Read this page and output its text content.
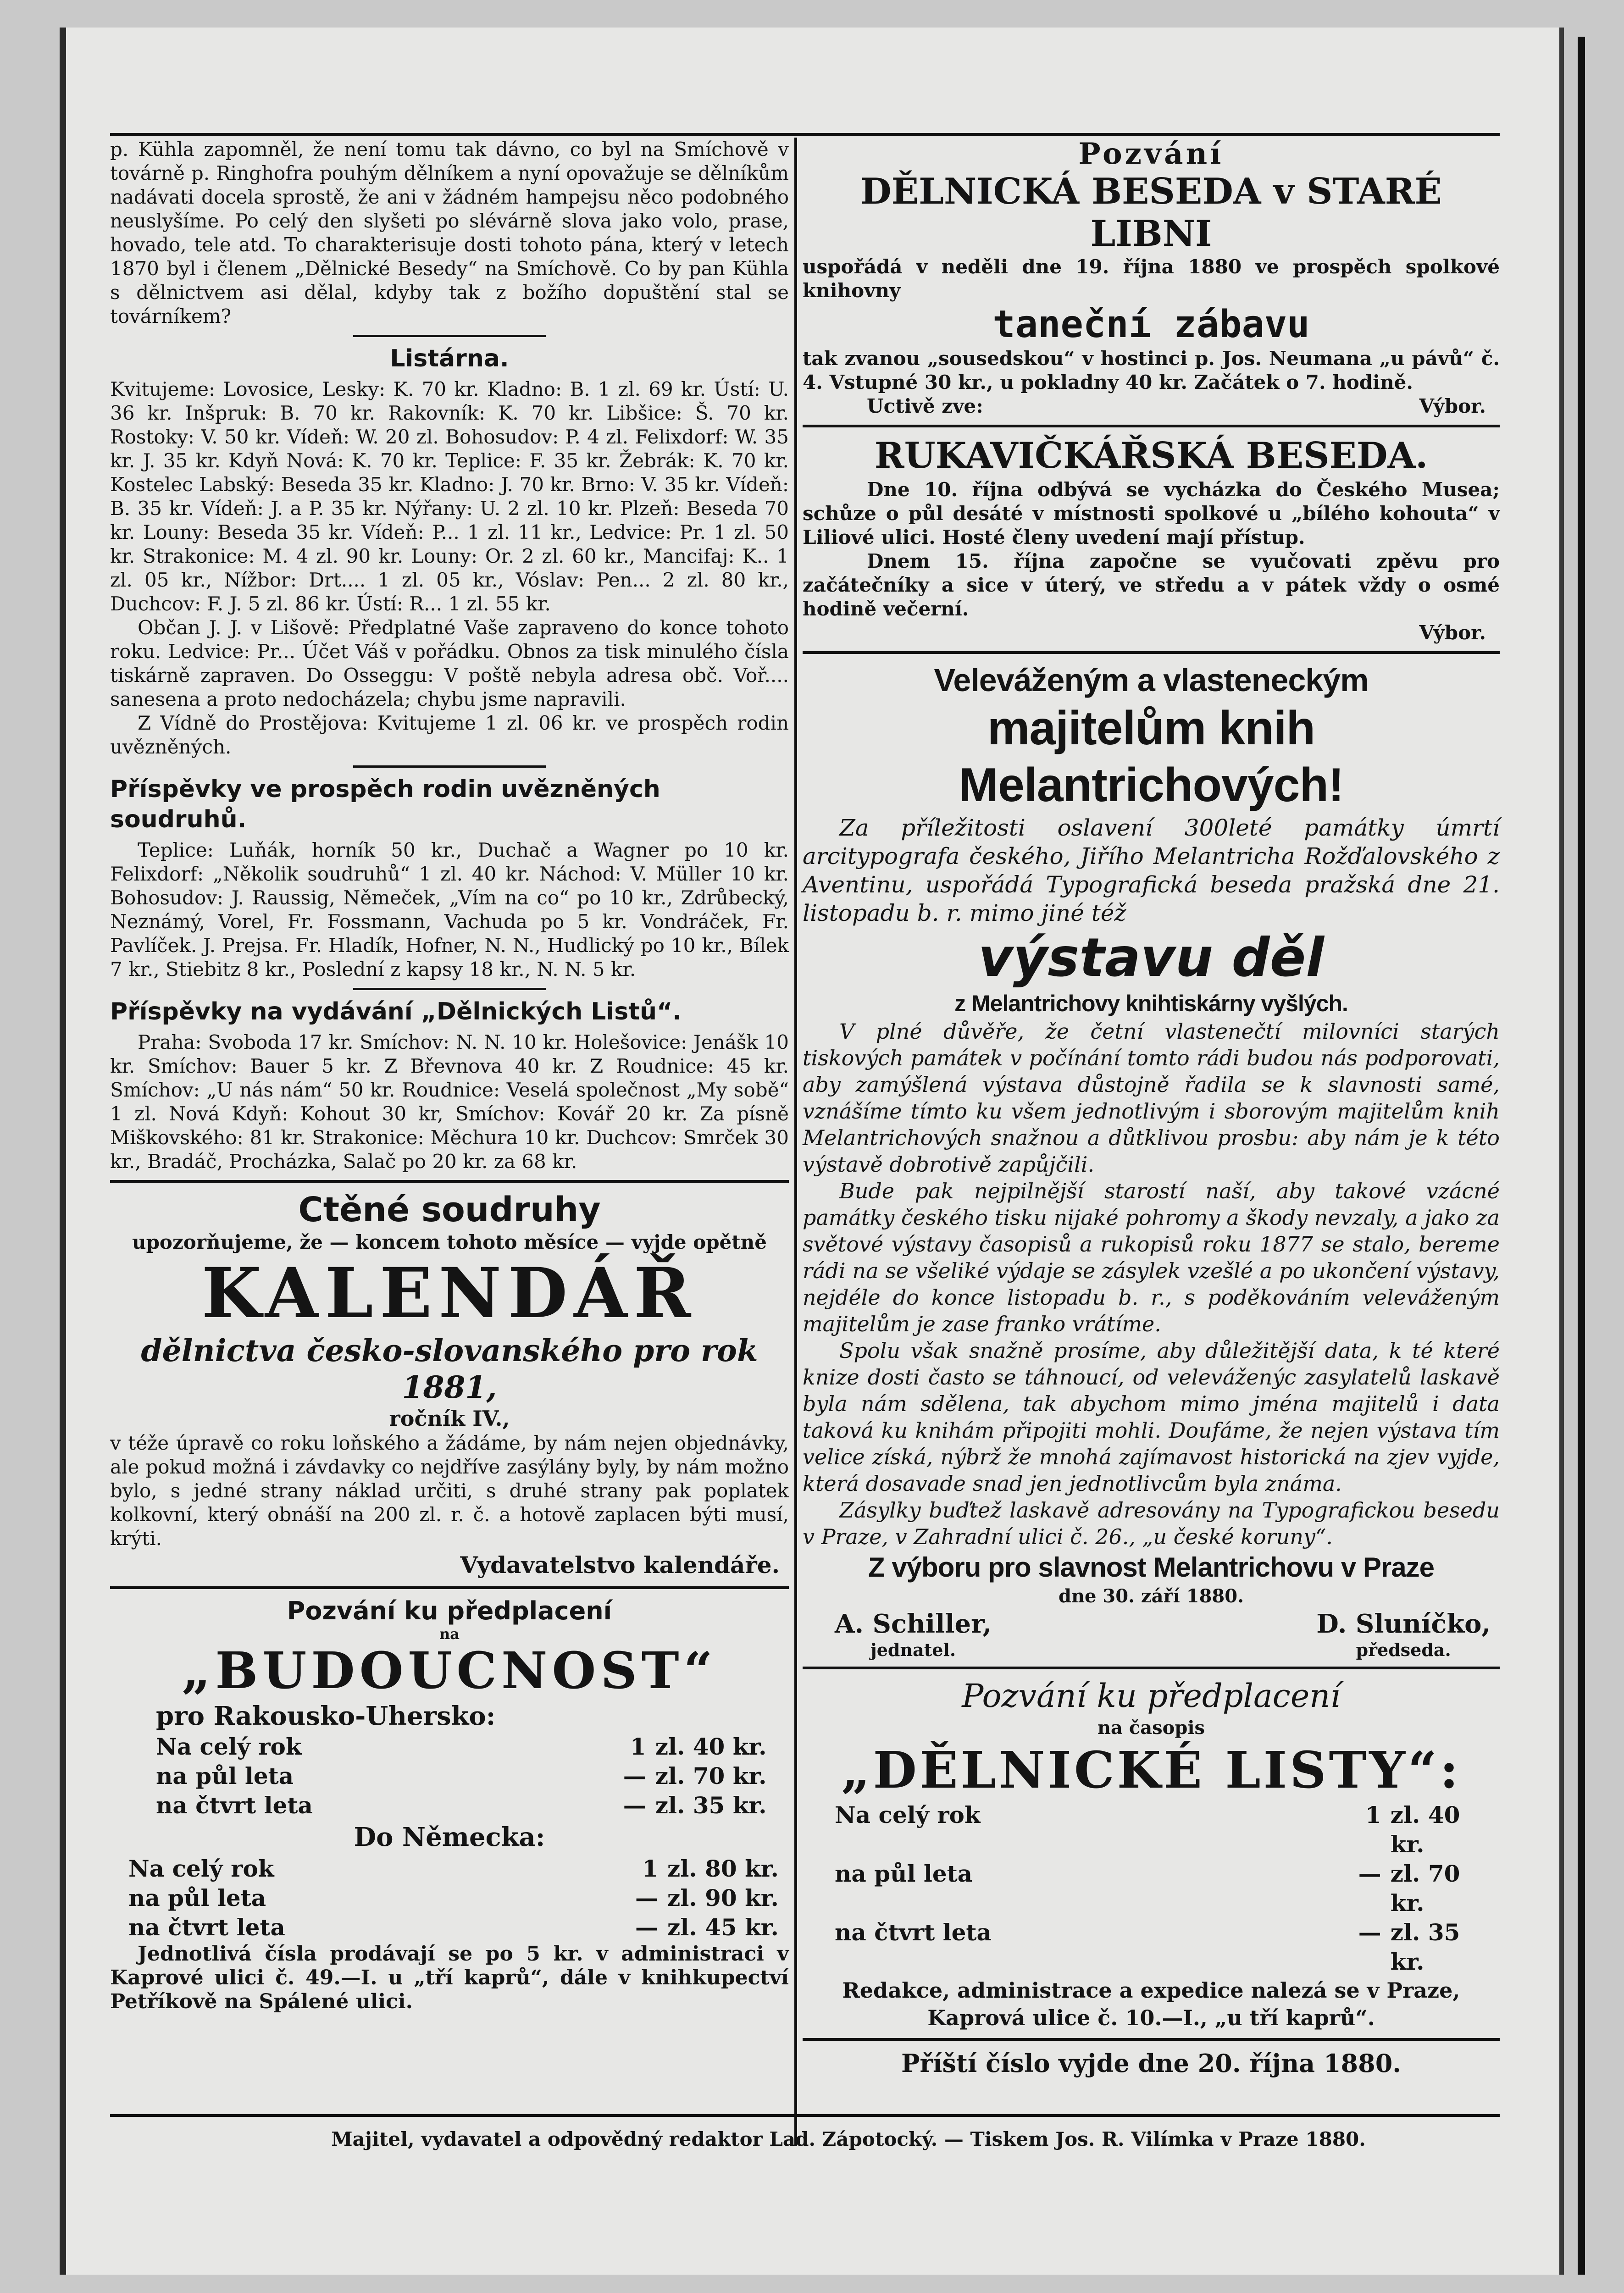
p. Kühla zapomněl, že není tomu tak dávno, co byl na Smíchově v továrně p. Ringhofra pouhým dělníkem a nyní opovažuje se dělníkům nadávati docela sprostě, že ani v žádném hampejsu něco podobného neuslyšíme. Po celý den slyšeti po slévárně slova jako volo, prase, hovado, tele atd. To charakterisuje dosti tohoto pána, který v letech 1870 byl i členem „Dělnické Besedy“ na Smíchově. Co by pan Kühla s dělnictvem asi dělal, kdyby tak z božího dopuštění stal se továrníkem?

Listárna.

Kvitujeme: Lovosice, Lesky: K. 70 kr. Kladno: B. 1 zl. 69 kr. Ústí: U. 36 kr. Inšpruk: B. 70 kr. Rakovník: K. 70 kr. Libšice: Š. 70 kr. Rostoky: V. 50 kr. Vídeň: W. 20 zl. Bohosudov: P. 4 zl. Felixdorf: W. 35 kr. J. 35 kr. Kdyň Nová: K. 70 kr. Teplice: F. 35 kr. Žebrák: K. 70 kr. Kostelec Labský: Beseda 35 kr. Kladno: J. 70 kr. Brno: V. 35 kr. Vídeň: B. 35 kr. Vídeň: J. a P. 35 kr. Nýřany: U. 2 zl. 10 kr. Plzeň: Beseda 70 kr. Louny: Beseda 35 kr. Vídeň: P... 1 zl. 11 kr., Ledvice: Pr. 1 zl. 50 kr. Strakonice: M. 4 zl. 90 kr. Louny: Or. 2 zl. 60 kr., Mancifaj: K.. 1 zl. 05 kr., Nížbor: Drt.... 1 zl. 05 kr., Vóslav: Pen... 2 zl. 80 kr., Duchcov: F. J. 5 zl. 86 kr. Ústí: R... 1 zl. 55 kr.

Občan J. J. v Lišově: Předplatné Vaše zapraveno do konce tohoto roku. Ledvice: Pr... Účet Váš v pořádku. Obnos za tisk minulého čísla tiskárně zapraven. Do Osseggu: V poště nebyla adresa obč. Voř.... sanesena a proto nedocházela; chybu jsme napravili.

Z Vídně do Prostějova: Kvitujeme 1 zl. 06 kr. ve prospěch rodin uvězněných.

Příspěvky ve prospěch rodin uvězněných soudruhů.

Teplice: Luňák, horník 50 kr., Duchač a Wagner po 10 kr. Felixdorf: „Několik soudruhů“ 1 zl. 40 kr. Náchod: V. Müller 10 kr. Bohosudov: J. Raussig, Němeček, „Vím na co“ po 10 kr., Zdrůbecký, Neznámý, Vorel, Fr. Fossmann, Vachuda po 5 kr. Vondráček, Fr. Pavlíček. J. Prejsa. Fr. Hladík, Hofner, N. N., Hudlický po 10 kr., Bílek 7 kr., Stiebitz 8 kr., Poslední z kapsy 18 kr., N. N. 5 kr.

Příspěvky na vydávání „Dělnických Listů“.

Praha: Svoboda 17 kr. Smíchov: N. N. 10 kr. Holešovice: Jenášk 10 kr. Smíchov: Bauer 5 kr. Z Břevnova 40 kr. Z Roudnice: 45 kr. Smíchov: „U nás nám“ 50 kr. Roudnice: Veselá společnost „My sobě“ 1 zl. Nová Kdyň: Kohout 30 kr, Smíchov: Kovář 20 kr. Za písně Miškovského: 81 kr. Strakonice: Měchura 10 kr. Duchcov: Smrček 30 kr., Bradáč, Procházka, Salač po 20 kr. za 68 kr.

Ctěné soudruhy

upozorňujeme, že — koncem tohoto měsíce — vyjde opětně

KALENDÁŘ

dělnictva česko-slovanského pro rok 1881,

ročník IV.,

v téže úpravě co roku loňského a žádáme, by nám nejen objednávky, ale pokud možná i závdavky co nejdříve zasýlány byly, by nám možno bylo, s jedné strany náklad určiti, s druhé strany pak poplatek kolkovní, který obnáší na 200 zl. r. č. a hotově zaplacen býti musí, krýti.

Vydavatelstvo kalendáře.

Pozvání ku předplacení

na

„BUDOUCNOST“

pro Rakousko-Uhersko:

Na celý rok	1 zl. 40 kr.
na půl leta	— zl. 70 kr.
na čtvrt leta	— zl. 35 kr.

Do Německa:

Na celý rok	1 zl. 80 kr.
na půl leta	— zl. 90 kr.
na čtvrt leta	— zl. 45 kr.

Jednotlivá čísla prodávají se po 5 kr. v administraci v Kaprové ulici č. 49.—I. u „tří kaprů“, dále v knihkupectví Petříkově na Spálené ulici.

Pozvání

DĚLNICKÁ BESEDA v STARÉ LIBNI

uspořádá v neděli dne 19. října 1880 ve prospěch spolkové knihovny

taneční zábavu

tak zvanou „sousedskou“ v hostinci p. Jos. Neumana „u pávů“ č. 4. Vstupné 30 kr., u pokladny 40 kr. Začátek o 7. hodině.

Uctivě zve:	Výbor.

RUKAVIČKÁŘSKÁ BESEDA.

Dne 10. října odbývá se vycházka do Českého Musea; schůze o půl desáté v místnosti spolkové u „bílého kohouta“ v Liliové ulici. Hosté členy uvedení mají přístup.

Dnem 15. října započne se vyučovati zpěvu pro začátečníky a sice v úterý, ve středu a v pátek vždy o osmé hodině večerní.

Výbor.

Veleváženým a vlasteneckým

majitelům knih Melantrichových!

Za příležitosti oslavení 300leté památky úmrtí arcitypografa českého, Jiřího Melantricha Rožďalovského z Aventinu, uspořádá Typografická beseda pražská dne 21. listopadu b. r. mimo jiné též

výstavu děl

z Melantrichovy knihtiskárny vyšlých.

V plné důvěře, že četní vlastenečtí milovníci starých tiskových památek v počínání tomto rádi budou nás podporovati, aby zamýšlená výstava důstojně řadila se k slavnosti samé, vznášíme tímto ku všem jednotlivým i sborovým majitelům knih Melantrichových snažnou a důtklivou prosbu: aby nám je k této výstavě dobrotivě zapůjčili.

Bude pak nejpilnější starostí naší, aby takové vzácné památky českého tisku nijaké pohromy a škody nevzaly, a jako za světové výstavy časopisů a rukopisů roku 1877 se stalo, bereme rádi na se všeliké výdaje se zásylek vzešlé a po ukončení výstavy, nejdéle do konce listopadu b. r., s poděkováním veleváženým majitelům je zase franko vrátíme.

Spolu však snažně prosíme, aby důležitější data, k té které knize dosti často se táhnoucí, od veleváženýc zasylatelů laskavě byla nám sdělena, tak abychom mimo jména majitelů i data taková ku knihám připojiti mohli. Doufáme, že nejen výstava tím velice získá, nýbrž že mnohá zajímavost historická na zjev vyjde, která dosavade snad jen jednotlivcům byla známa.

Zásylky buďtež laskavě adresovány na Typografickou besedu v Praze, v Zahradní ulici č. 26., „u české koruny“.

Z výboru pro slavnost Melantrichovu v Praze

dne 30. září 1880.

A. Schiller,

jednatel.

D. Sluníčko,

předseda.

Pozvání ku předplacení

na časopis

„DĚLNICKÉ LISTY“:

Na celý rok	1 zl. 40 kr.
na půl leta	— zl. 70 kr.
na čtvrt leta	— zl. 35 kr.

Redakce, administrace a expedice nalezá se v Praze, Kaprová ulice č. 10.—I., „u tří kaprů“.

Příští číslo vyjde dne 20. října 1880.

Majitel, vydavatel a odpovědný redaktor Lad. Zápotocký. — Tiskem Jos. R. Vilímka v Praze 1880.
